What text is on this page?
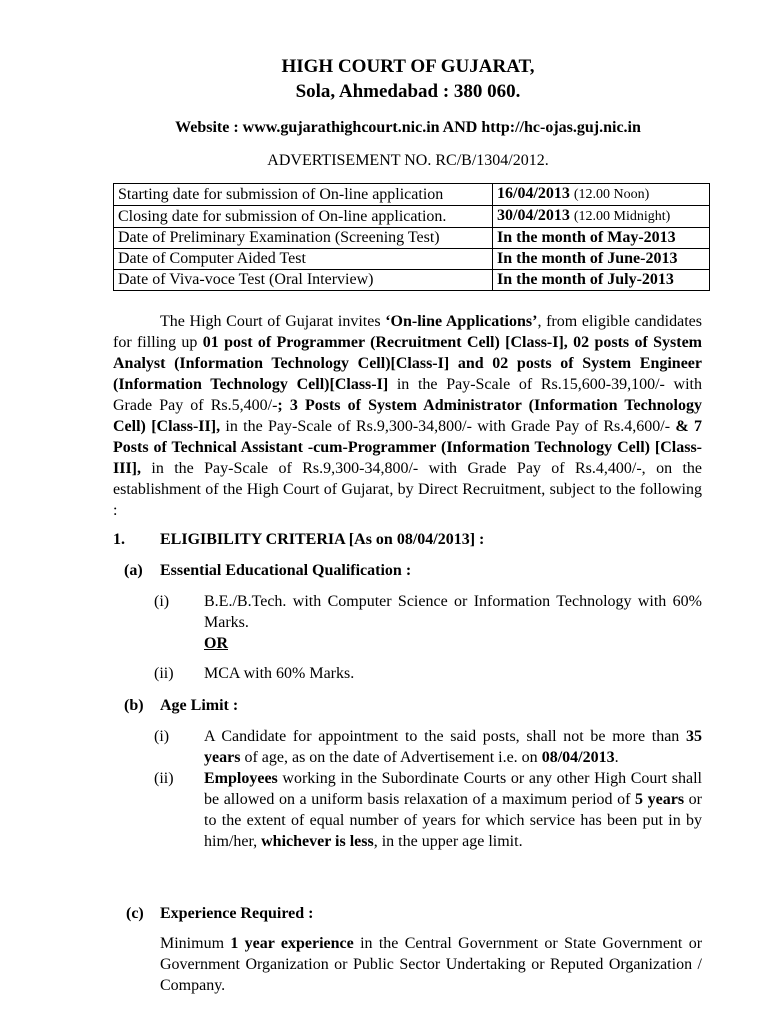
HIGH COURT OF GUJARAT,
Sola, Ahmedabad : 380 060.
Website : www.gujarathighcourt.nic.in AND http://hc-ojas.guj.nic.in
ADVERTISEMENT NO. RC/B/1304/2012.
Starting date for submission of On-line application	16/04/2013 (12.00 Noon)
Closing date for submission of On-line application.	30/04/2013 (12.00 Midnight)
Date of Preliminary Examination (Screening Test)	In the month of May-2013
Date of Computer Aided Test	In the month of June-2013
Date of Viva-voce Test (Oral Interview)	In the month of July-2013
The High Court of Gujarat invites ‘On-line Applications’, from eligible candidates for filling up 01 post of Programmer (Recruitment Cell) [Class-I], 02 posts of System Analyst (Information Technology Cell)[Class-I] and 02 posts of System Engineer (Information Technology Cell)[Class-I] in the Pay-Scale of Rs.15,600-39,100/- with Grade Pay of Rs.5,400/-; 3 Posts of System Administrator (Information Technology Cell) [Class-II], in the Pay-Scale of Rs.9,300-34,800/- with Grade Pay of Rs.4,600/- & 7 Posts of Technical Assistant -cum-Programmer (Information Technology Cell) [Class-III], in the Pay-Scale of Rs.9,300-34,800/- with Grade Pay of Rs.4,400/-, on the establishment of the High Court of Gujarat, by Direct Recruitment, subject to the following :
1. ELIGIBILITY CRITERIA [As on 08/04/2013] :
(a) Essential Educational Qualification :
(i) B.E./B.Tech. with Computer Science or Information Technology with 60% Marks.
OR
(ii) MCA with 60% Marks.
(b) Age Limit :
(i) A Candidate for appointment to the said posts, shall not be more than 35 years of age, as on the date of Advertisement i.e. on 08/04/2013.
(ii) Employees working in the Subordinate Courts or any other High Court shall be allowed on a uniform basis relaxation of a maximum period of 5 years or to the extent of equal number of years for which service has been put in by him/her, whichever is less, in the upper age limit.
(c) Experience Required :
Minimum 1 year experience in the Central Government or State Government or Government Organization or Public Sector Undertaking or Reputed Organization / Company.
